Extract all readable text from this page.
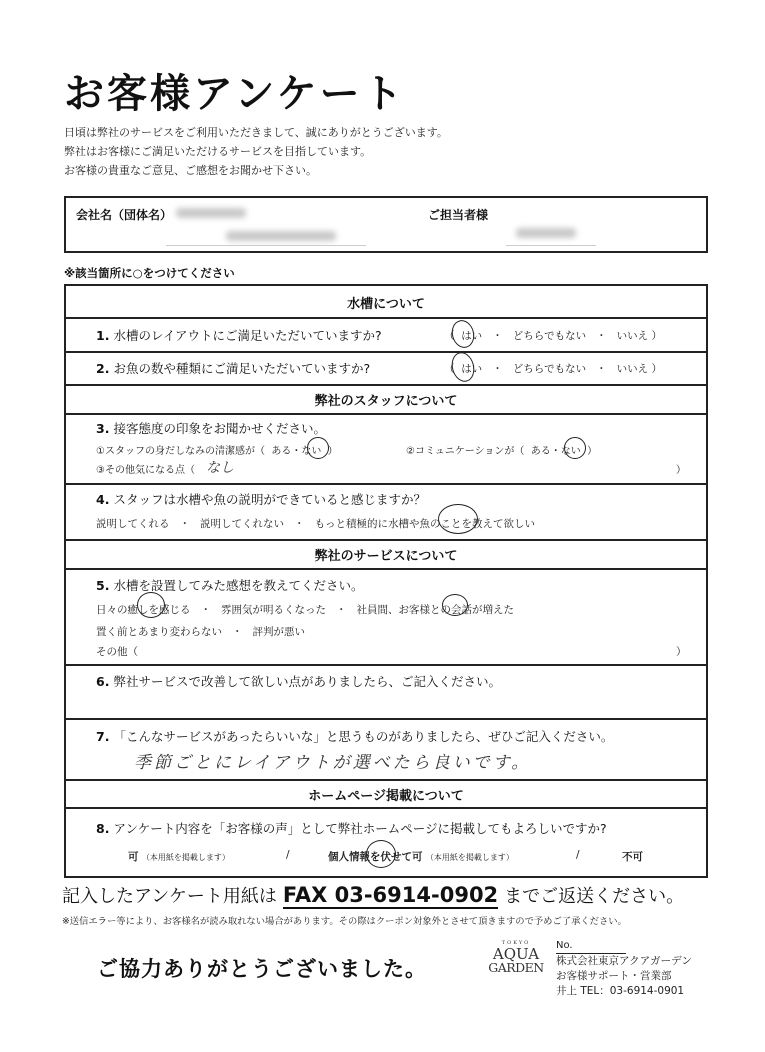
お客様アンケート
日頃は弊社のサービスをご利用いただきまして、誠にありがとうございます。
弊社はお客様にご満足いただけるサービスを目指しています。
お客様の貴重なご意見、ご感想をお聞かせ下さい。
会社名（団体名）	ご担当者様
※該当箇所に○をつけてください
水槽について
1. 水槽のレイアウトにご満足いただいていますか?	（  はい   ・   どちらでもない   ・   いいえ ）
2. お魚の数や種類にご満足いただいていますか?	（  はい   ・   どちらでもない   ・   いいえ ）
弊社のスタッフについて
3. 接客態度の印象をお聞かせください。
①スタッフの身だしなみの清潔感が（ ある・ない ）	②コミュニケーションが（ ある・ない ）
③その他気になる点（ なし	）
4. スタッフは水槽や魚の説明ができていると感じますか？
説明してくれる   ・   説明してくれない   ・   もっと積極的に水槽や魚のことを教えて欲しい
弊社のサービスについて
5. 水槽を設置してみた感想を教えてください。
日々の癒しを感じる   ・   雰囲気が明るくなった   ・   社員間、お客様との会話が増えた
置く前とあまり変わらない   ・   評判が悪い
その他（	）
6. 弊社サービスで改善して欲しい点がありましたら、ご記入ください。
7. 「こんなサービスがあったらいいな」と思うものがありましたら、ぜひご記入ください。
季節ごとにレイアウトが選べたら良いです。
ホームページ掲載について
8. アンケート内容を「お客様の声」として弊社ホームページに掲載してもよろしいですか?
可 （本用紙を掲載します）	/	個人情報を伏せて可 （本用紙を掲載します）	/	不可
記入したアンケート用紙は FAX 03-6914-0902 までご返送ください。
※送信エラー等により、お客様名が読み取れない場合があります。その際はクーポン対象外とさせて頂きますので予めご了承ください。
ご協力ありがとうございました。
TOKYO
AQUA
GARDEN
No.
株式会社東京アクアガーデン
お客様サポート・営業部
井上 TEL：03-6914-0901
